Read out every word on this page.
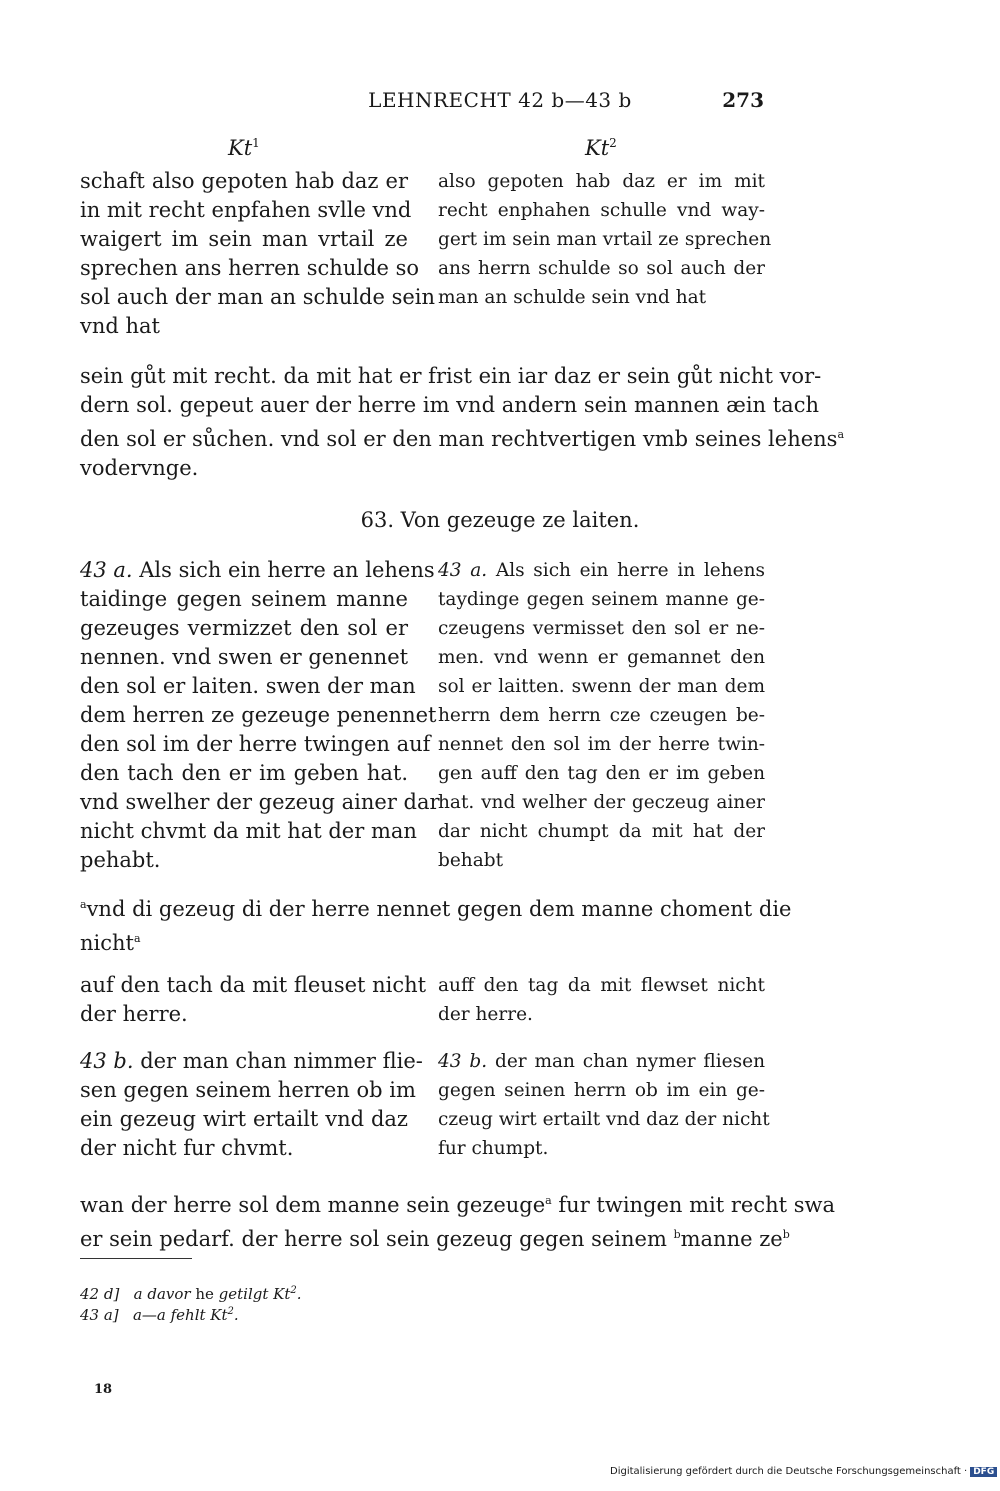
LEHNRECHT 42 b—43 b	273
Kt$^1$	Kt$^2$
schaft also gepoten hab daz er
in mit recht enpfahen svlle vnd
waigert im sein man vrtail ze
sprechen ans herren schulde so
sol auch der man an schulde sein
vnd hat
also gepoten hab daz er im mit
recht enphahen schulle vnd way-
gert im sein man vrtail ze sprechen
ans herrn schulde so sol auch der
man an schulde sein vnd hat
sein gůt mit recht. da mit hat er frist ein iar daz er sein gůt nicht vor-
dern sol. gepeut auer der herre im vnd andern sein mannen æin tach
den sol er sůchen. vnd sol er den man rechtvertigen vmb seines lehens$^a$
vodervnge.
63. Von gezeuge ze laiten.
43 a. Als sich ein herre an lehens
taidinge gegen seinem manne
gezeuges vermizzet den sol er
nennen. vnd swen er genennet
den sol er laiten. swen der man
dem herren ze gezeuge penennet
den sol im der herre twingen auf
den tach den er im geben hat.
vnd swelher der gezeug ainer dar
nicht chvmt da mit hat der man
pehabt.
43 a. Als sich ein herre in lehens
taydinge gegen seinem manne ge-
czeugens vermisset den sol er ne-
men. vnd wenn er gemannet den
sol er laitten. swenn der man dem
herrn dem herrn cze czeugen be-
nennet den sol im der herre twin-
gen auff den tag den er im geben
hat. vnd welher der geczeug ainer
dar nicht chumpt da mit hat der
behabt
$^a$vnd di gezeug di der herre nennet gegen dem manne choment die
nicht$^a$
auf den tach da mit fleuset nicht
der herre.
auff den tag da mit flewset nicht
der herre.
43 b. der man chan nimmer flie-
sen gegen seinem herren ob im
ein gezeug wirt ertailt vnd daz
der nicht fur chvmt.
43 b. der man chan nymer fliesen
gegen seinen herrn ob im ein ge-
czeug wirt ertailt vnd daz der nicht
fur chumpt.
wan der herre sol dem manne sein gezeuge$^a$ fur twingen mit recht swa
er sein pedarf. der herre sol sein gezeug gegen seinem $^b$manne $ze^b$
42 d] a davor he getilgt Kt$^2$.
43 a] a—a fehlt Kt$^2$.
18
Digitalisierung gefördert durch die Deutsche Forschungsgemeinschaft · DFG
